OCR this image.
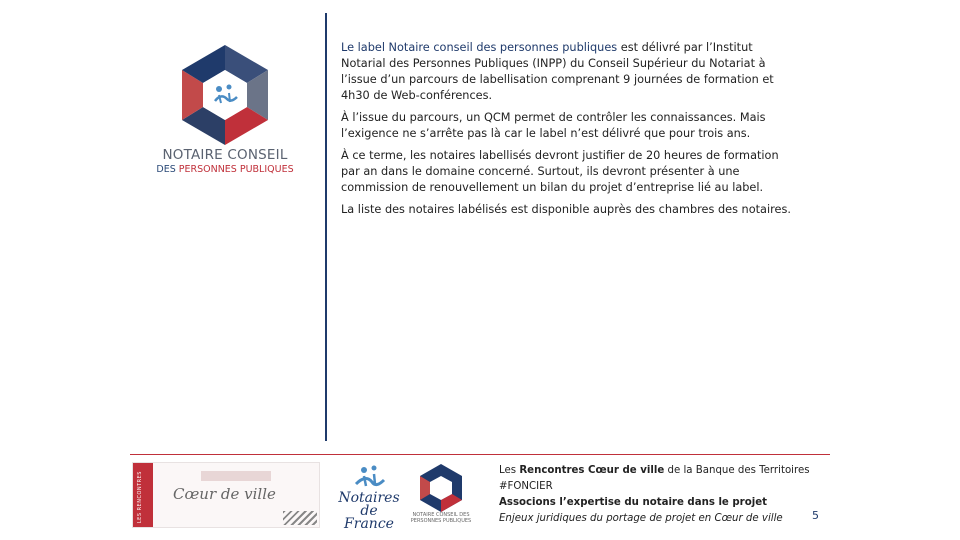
NOTAIRE CONSEIL
DES PERSONNES PUBLIQUES

Le label Notaire conseil des personnes publiques est délivré par l’Institut Notarial des Personnes Publiques (INPP) du Conseil Supérieur du Notariat à l’issue d’un parcours de labellisation comprenant 9 journées de formation et 4h30 de Web-conférences.

À l’issue du parcours, un QCM permet de contrôler les connaissances. Mais l’exigence ne s’arrête pas là car le label n’est délivré que pour trois ans.

À ce terme, les notaires labellisés devront justifier de 20 heures de formation par an dans le domaine concerné. Surtout, ils devront présenter à une commission de renouvellement un bilan du projet d’entreprise lié au label.

La liste des notaires labélisés est disponible auprès des chambres des notaires.

LES RENCONTRES	Cœur de ville	Notaires de France
NOTAIRE CONSEIL DES PERSONNES PUBLIQUES
Les Rencontres Cœur de ville de la Banque des Territoires
#FONCIER
Associons l’expertise du notaire dans le projet
Enjeux juridiques du portage de projet en Cœur de ville	5
